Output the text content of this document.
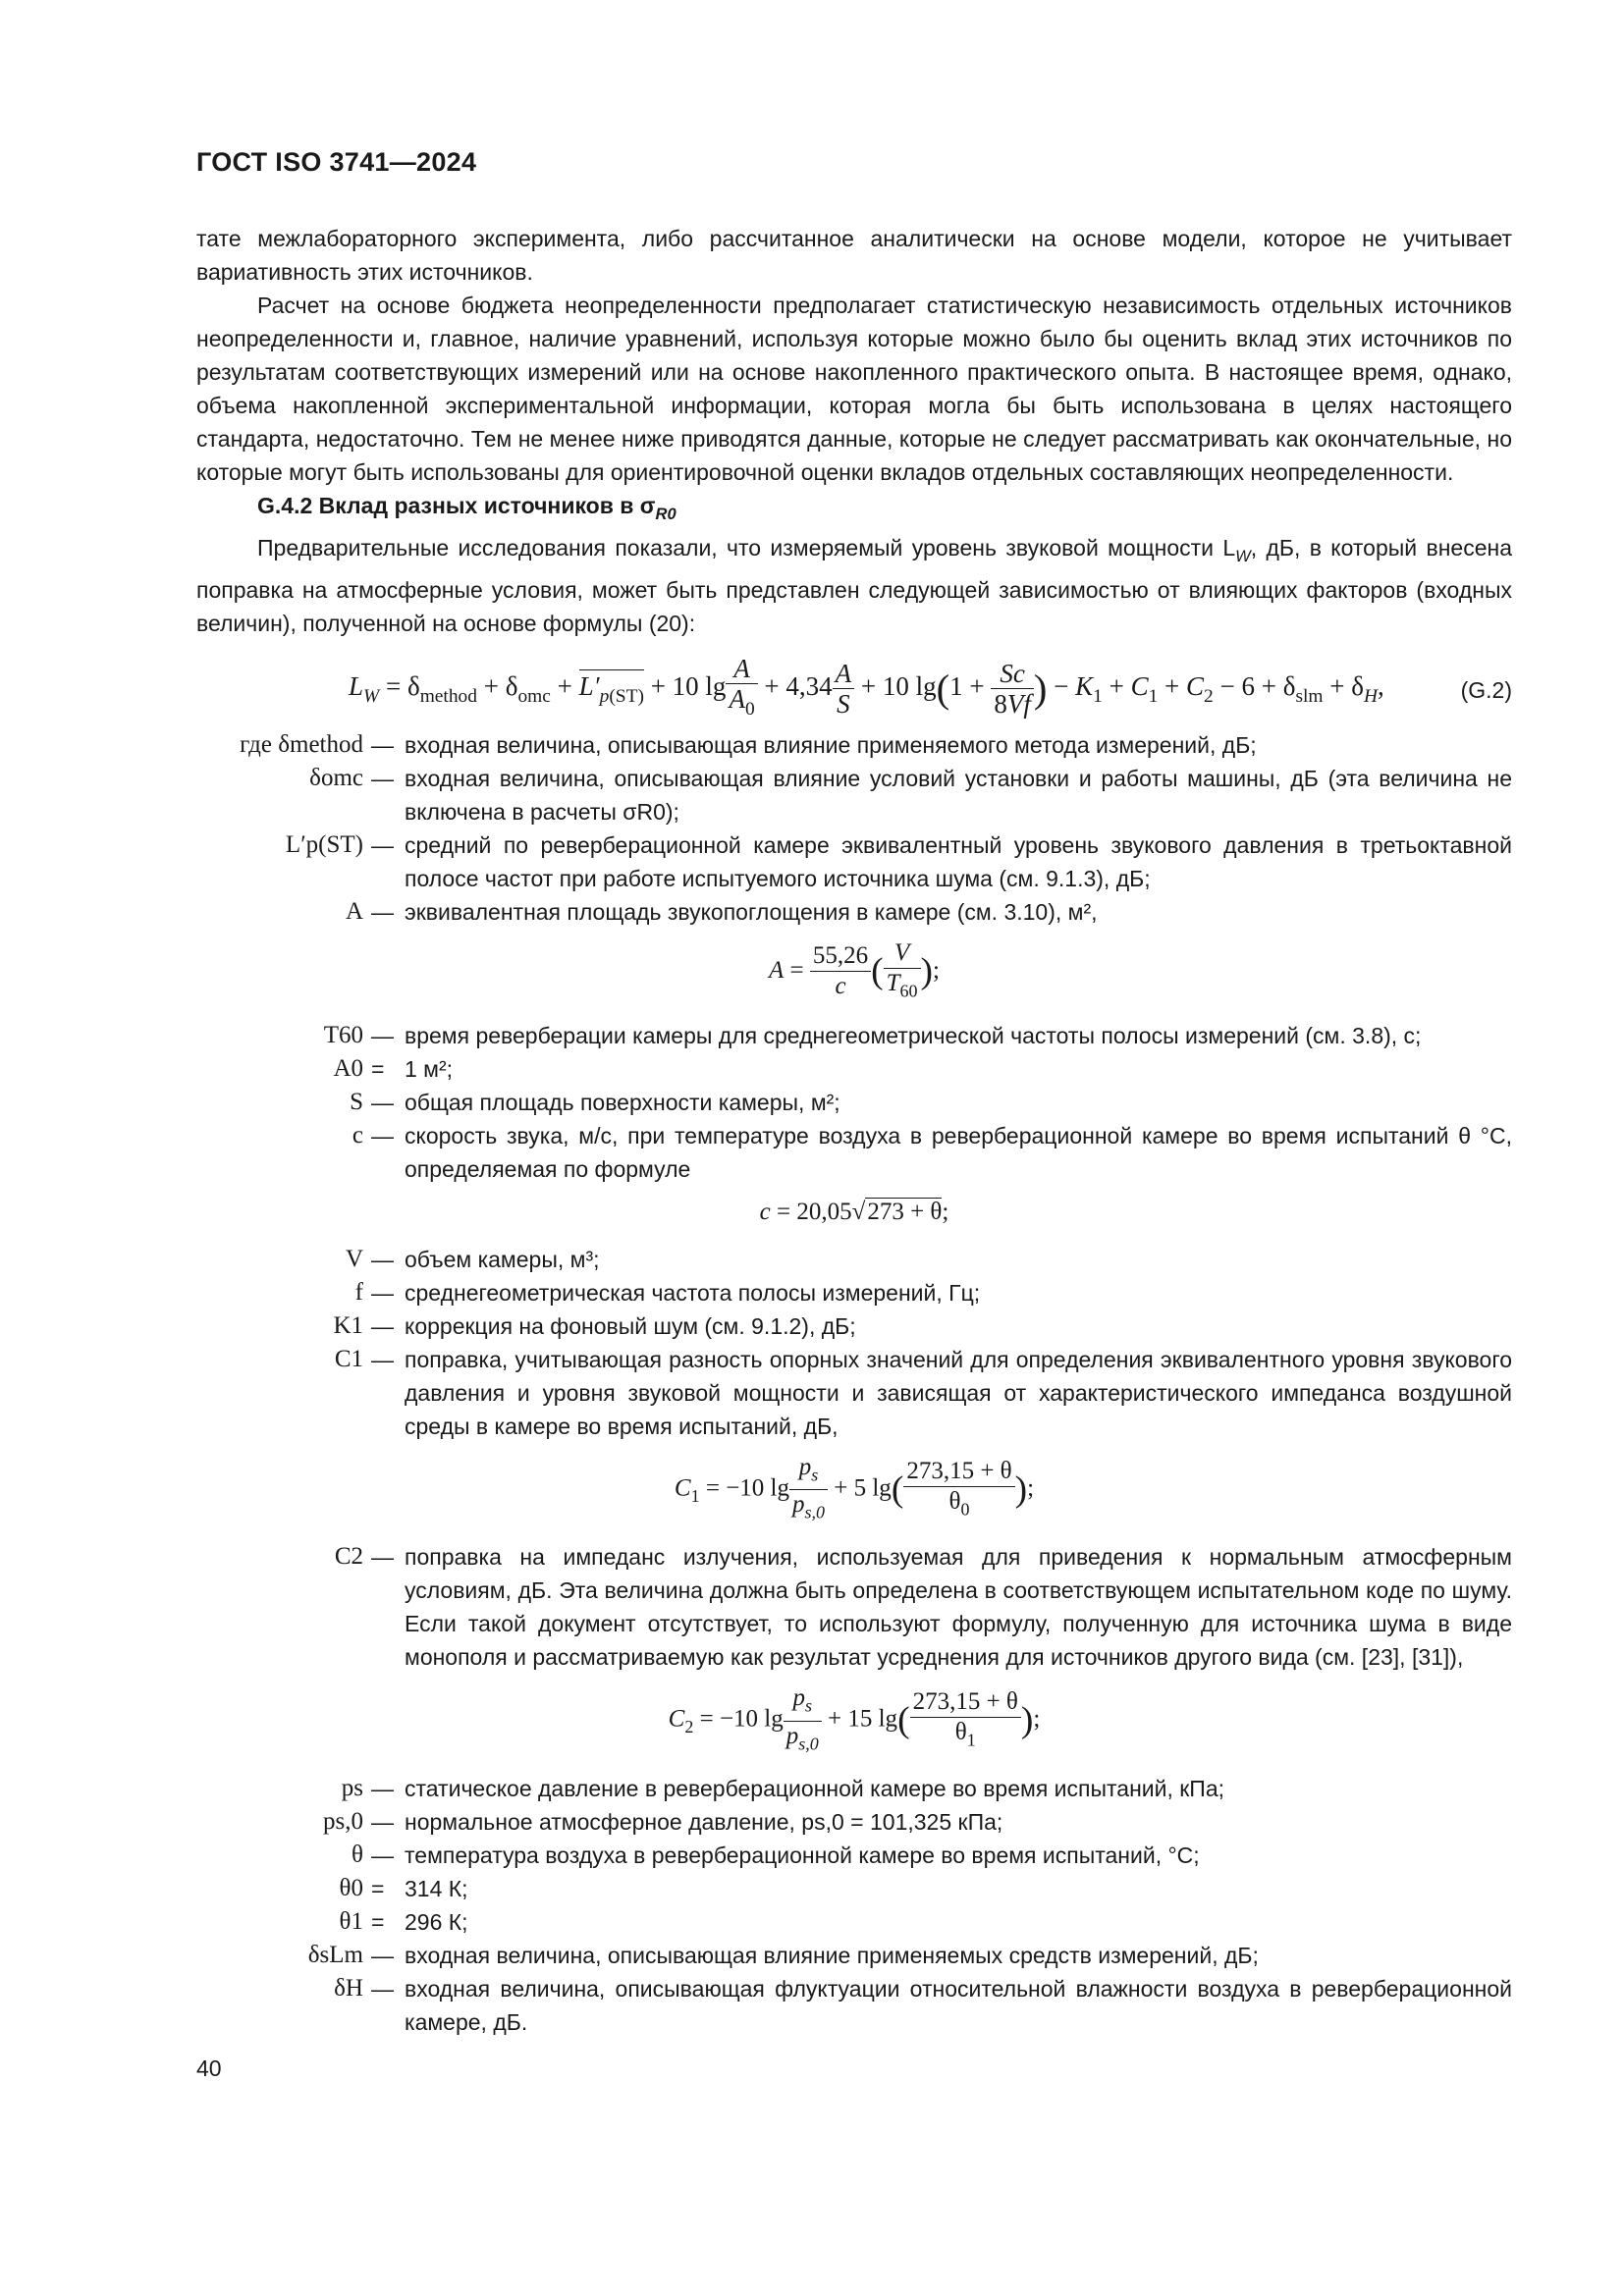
ГОСТ ISO 3741—2024

тате межлабораторного эксперимента, либо рассчитанное аналитически на основе модели, которое не учитывает вариативность этих источников.

Расчет на основе бюджета неопределенности предполагает статистическую независимость отдельных источников неопределенности и, главное, наличие уравнений, используя которые можно было бы оценить вклад этих источников по результатам соответствующих измерений или на основе накопленного практического опыта. В настоящее время, однако, объема накопленной экспериментальной информации, которая могла бы быть использована в целях настоящего стандарта, недостаточно. Тем не менее ниже приводятся данные, которые не следует рассматривать как окончательные, но которые могут быть использованы для ориентировочной оценки вкладов отдельных составляющих неопределенности.

G.4.2 Вклад разных источников в $\sigma_{R0}$

Предварительные исследования показали, что измеряемый уровень звуковой мощности $L_W$, дБ, в который внесена поправка на атмосферные условия, может быть представлен следующей зависимостью от влияющих факторов (входных величин), полученной на основе формулы (20):

$L_W = \delta_{method} + \delta_{omc} + L'_{p(ST)} + 10$ $\lg \frac{A}{A_0} + 4,34 \frac{A}{S} + 10$ $\lg(1 + \frac{Sc}{8Vf}$ ) − $K_1 + C_1 + C_2 - 6 + \delta_{slm} + \delta_H$,	(G.2)
где δmethod — входная величина, описывающая влияние применяемого метода измерений, дБ;
δomc — входная величина, описывающая влияние условий установки и работы машины, дБ (эта величина не включена в расчеты σR0);
L′p(ST) — средний по реверберационной камере эквивалентный уровень звукового давления в третьоктавной полосе частот при работе испытуемого источника шума (см. 9.1.3), дБ;
A — эквивалентная площадь звукопоглощения в камере (см. 3.10), м²,
$A = \frac{55,26}{c}$ ( $\frac{V}{T_{60}}$ );
T60 — время реверберации камеры для среднегеометрической частоты полосы измерений (см. 3.8), с;
A0 = 1 м²;
S — общая площадь поверхности камеры, м²;
c — скорость звука, м/с, при температуре воздуха в реверберационной камере во время испытаний θ °С, определяемая по формуле
c = 20,05√273 + θ;
V — объем камеры, м³;
f — среднегеометрическая частота полосы измерений, Гц;
K1 — коррекция на фоновый шум (см. 9.1.2), дБ;
C1 — поправка, учитывающая разность опорных значений для определения эквивалентного уровня звукового давления и уровня звуковой мощности и зависящая от характеристического импеданса воздушной среды в камере во время испытаний, дБ,
$C_1 = -10$ $\lg \frac{p_s}{p_{s,0}} + 5$ $\lg( \frac{273,15 + \theta}{\theta_0}$ );
C2 — поправка на импеданс излучения, используемая для приведения к нормальным атмосферным условиям, дБ. Эта величина должна быть определена в соответствующем испытательном коде по шуму. Если такой документ отсутствует, то используют формулу, полученную для источника шума в виде монополя и рассматриваемую как результат усреднения для источников другого вида (см. [23], [31]),
$C_2 = -10$ $\lg \frac{p_s}{p_{s,0}} + 15$ $\lg( \frac{273,15 + \theta}{\theta_1}$ );
ps — статическое давление в реверберационной камере во время испытаний, кПа;
ps,0 — нормальное атмосферное давление, ps,0 = 101,325 кПа;
θ — температура воздуха в реверберационной камере во время испытаний, °С;
θ0 = 314 К;
θ1 = 296 К;
δsLm — входная величина, описывающая влияние применяемых средств измерений, дБ;
δH — входная величина, описывающая флуктуации относительной влажности воздуха в реверберационной камере, дБ.
40
